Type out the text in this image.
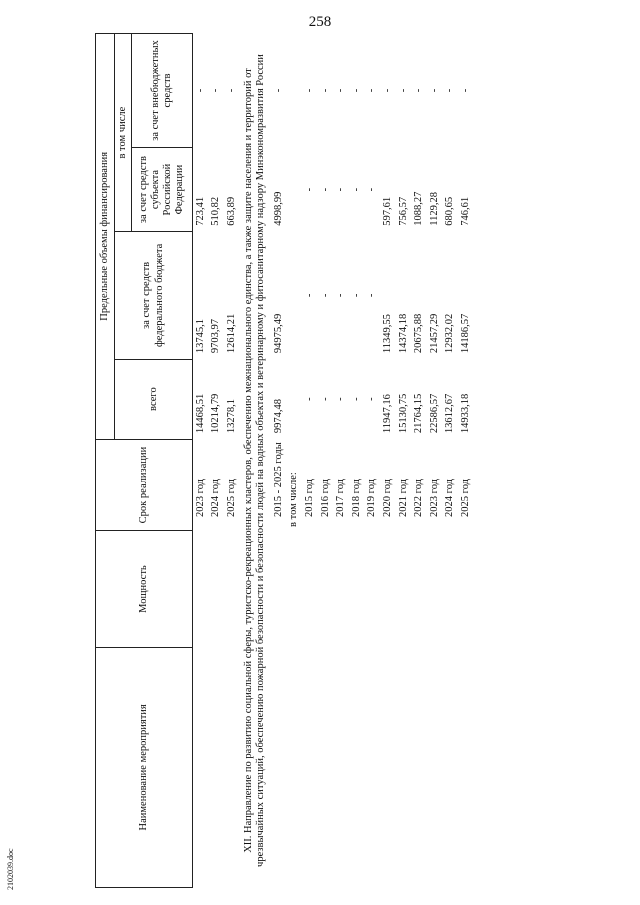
258
Наименование мероприятия	Мощность	Срок реализации	Предельные объемы финансирования			
			всего	за счет средств федерального бюджета	в том числе	
					за счет средств субъекта Российской Федерации	за счет внебюджетных средств
		2023 год	14468,51	13745,1	723,41	-
		2024 год	10214,79	9703,97	510,82	-
		2025 год	13278,1	12614,21	663,89	-
XII. Направление по развитию социальной сферы, туристско-рекреационных кластеров, обеспечению межнационального единства, а также защите населения и территорий от чрезвычайных ситуаций, обеспечению пожарной безопасности и безопасности людей на водных объектах и ветеринарному и фитосанитарному надзору Минэкономразвития России						
		2015 - 2025 годы	9974,48	94975,49	4998,99	-
		в том числе:				
		2015 год	-	-	-	-
		2016 год	-	-	-	-
		2017 год	-	-	-	-
		2018 год	-	-	-	-
		2019 год	-	-	-	-
		2020 год	11947,16	11349,55	597,61	-
		2021 год	15130,75	14374,18	756,57	-
		2022 год	21764,15	20675,88	1088,27	-
		2023 год	22586,57	21457,29	1129,28	-
		2024 год	13612,67	12932,02	680,65	-
		2025 год	14933,18	14186,57	746,61	-
2102039.doc
